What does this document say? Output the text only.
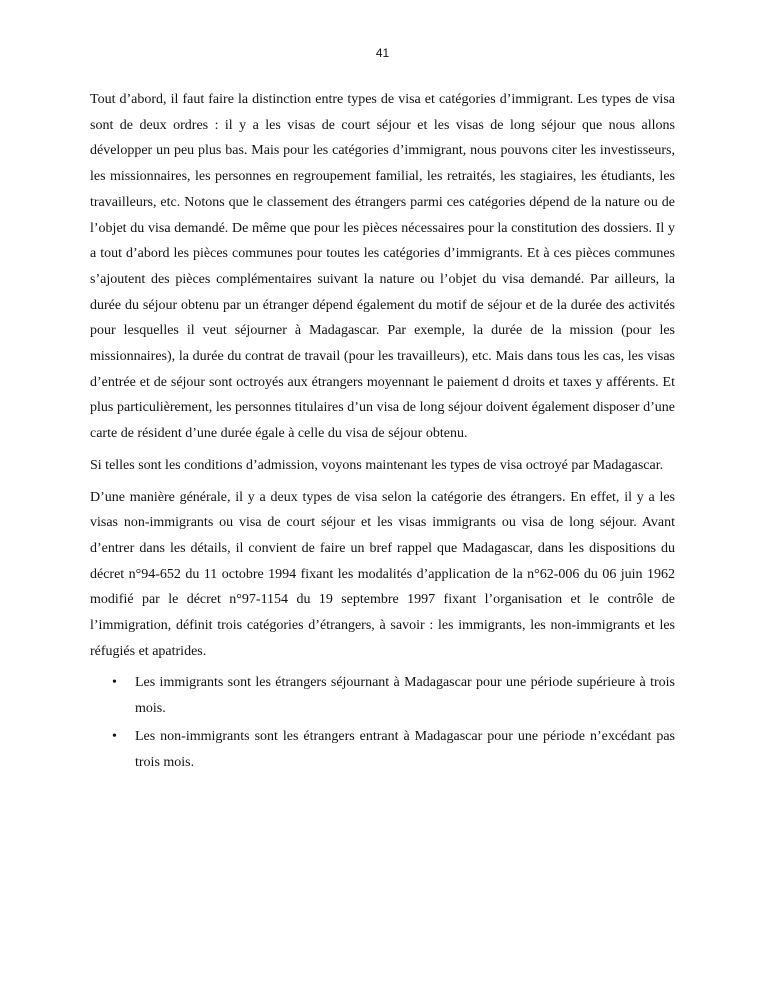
41

Tout d’abord, il faut faire la distinction entre types de visa et catégories d’immigrant. Les types de visa sont de deux ordres : il y a les visas de court séjour et les visas de long séjour que nous allons développer un peu plus bas. Mais pour les catégories d’immigrant, nous pouvons citer les investisseurs, les missionnaires, les personnes en regroupement familial, les retraités, les stagiaires, les étudiants, les travailleurs, etc. Notons que le classement des étrangers parmi ces catégories dépend de la nature ou de l’objet du visa demandé. De même que pour les pièces nécessaires pour la constitution des dossiers. Il y a tout d’abord les pièces communes pour toutes les catégories d’immigrants. Et à ces pièces communes s’ajoutent des pièces complémentaires suivant la nature ou l’objet du visa demandé. Par ailleurs, la durée du séjour obtenu par un étranger dépend également du motif de séjour et de la durée des activités pour lesquelles il veut séjourner à Madagascar. Par exemple, la durée de la mission (pour les missionnaires), la durée du contrat de travail (pour les travailleurs), etc. Mais dans tous les cas, les visas d’entrée et de séjour sont octroyés aux étrangers moyennant le paiement d droits et taxes y afférents. Et plus particulièrement, les personnes titulaires d’un visa de long séjour doivent également disposer d’une carte de résident d’une durée égale à celle du visa de séjour obtenu.

Si telles sont les conditions d’admission, voyons maintenant les types de visa octroyé par Madagascar.

D’une manière générale, il y a deux types de visa selon la catégorie des étrangers. En effet, il y a les visas non-immigrants ou visa de court séjour et les visas immigrants ou visa de long séjour. Avant d’entrer dans les détails, il convient de faire un bref rappel que Madagascar, dans les dispositions du décret n°94-652 du 11 octobre 1994 fixant les modalités d’application de la n°62-006 du 06 juin 1962 modifié par le décret n°97-1154 du 19 septembre 1997 fixant l’organisation et le contrôle de l’immigration, définit trois catégories d’étrangers, à savoir : les immigrants, les non-immigrants et les réfugiés et apatrides.

• Les immigrants sont les étrangers séjournant à Madagascar pour une période supérieure à trois mois.
• Les non-immigrants sont les étrangers entrant à Madagascar pour une période n’excédant pas trois mois.
